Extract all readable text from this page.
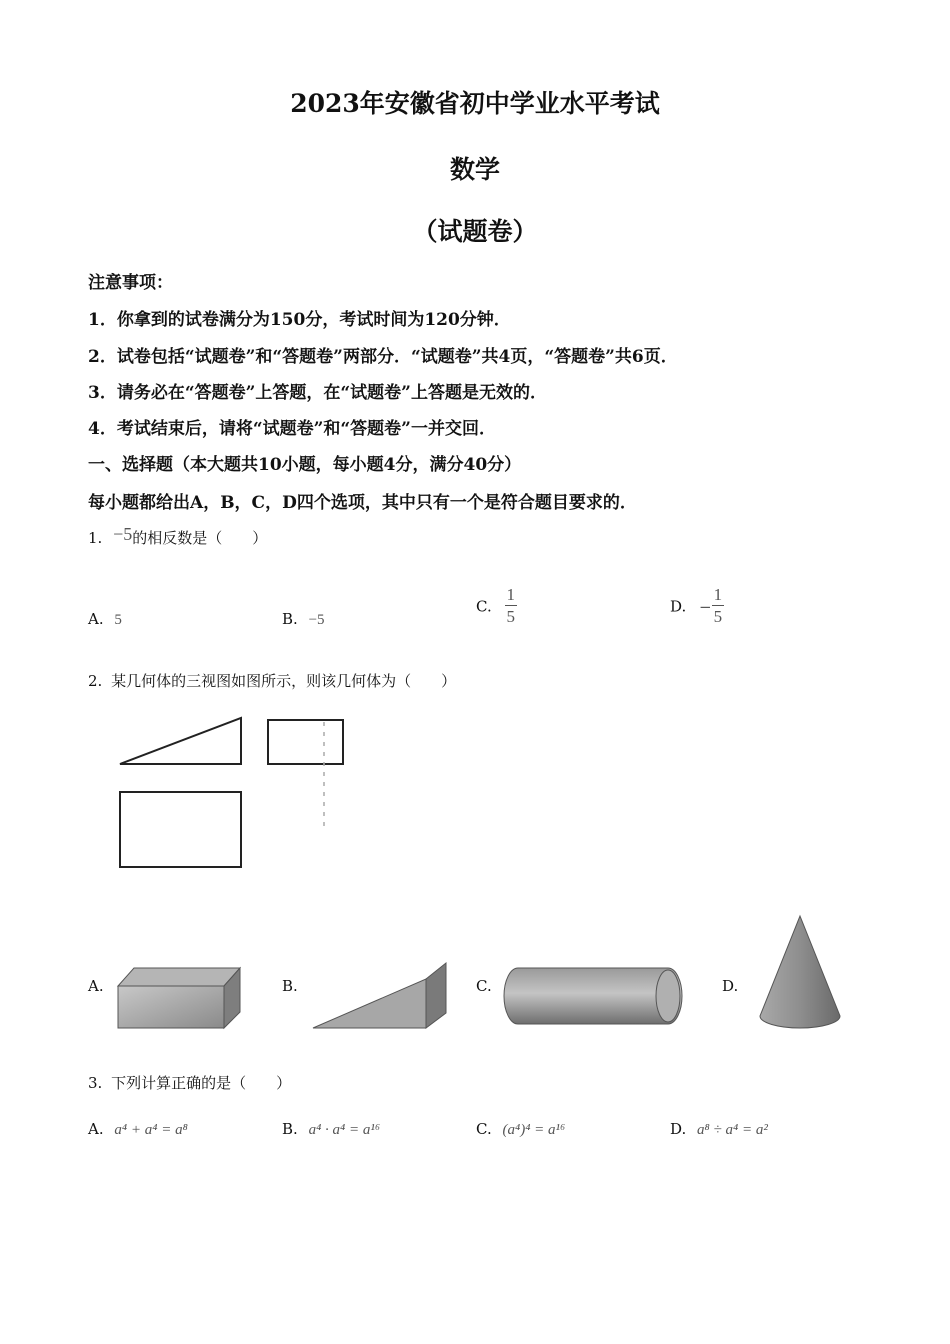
2023年安徽省初中学业水平考试
数学
（试题卷）
注意事项：
1．你拿到的试卷满分为150分，考试时间为120分钟．
2．试卷包括“试题卷”和“答题卷”两部分．“试题卷”共4页，“答题卷”共6页．
3．请务必在“答题卷”上答题，在“试题卷”上答题是无效的．
4．考试结束后，请将“试题卷”和“答题卷”一并交回．
一、选择题（本大题共10小题，每小题4分，满分40分）
每小题都给出A，B，C，D四个选项，其中只有一个是符合题目要求的．
1. −5的相反数是（　　）
A. 5	B. −5
C. $\frac{1}{5}$	D. − $\frac{1}{5}$
2. 某几何体的三视图如图所示，则该几何体为（　　）
A.	B.	C.	D.
3. 下列计算正确的是（　　）
A. a⁴ + a⁴ = a⁸	B. a⁴ · a⁴ = a¹⁶	C. (a⁴)⁴ = a¹⁶	D. a⁸ ÷ a⁴ = a²
